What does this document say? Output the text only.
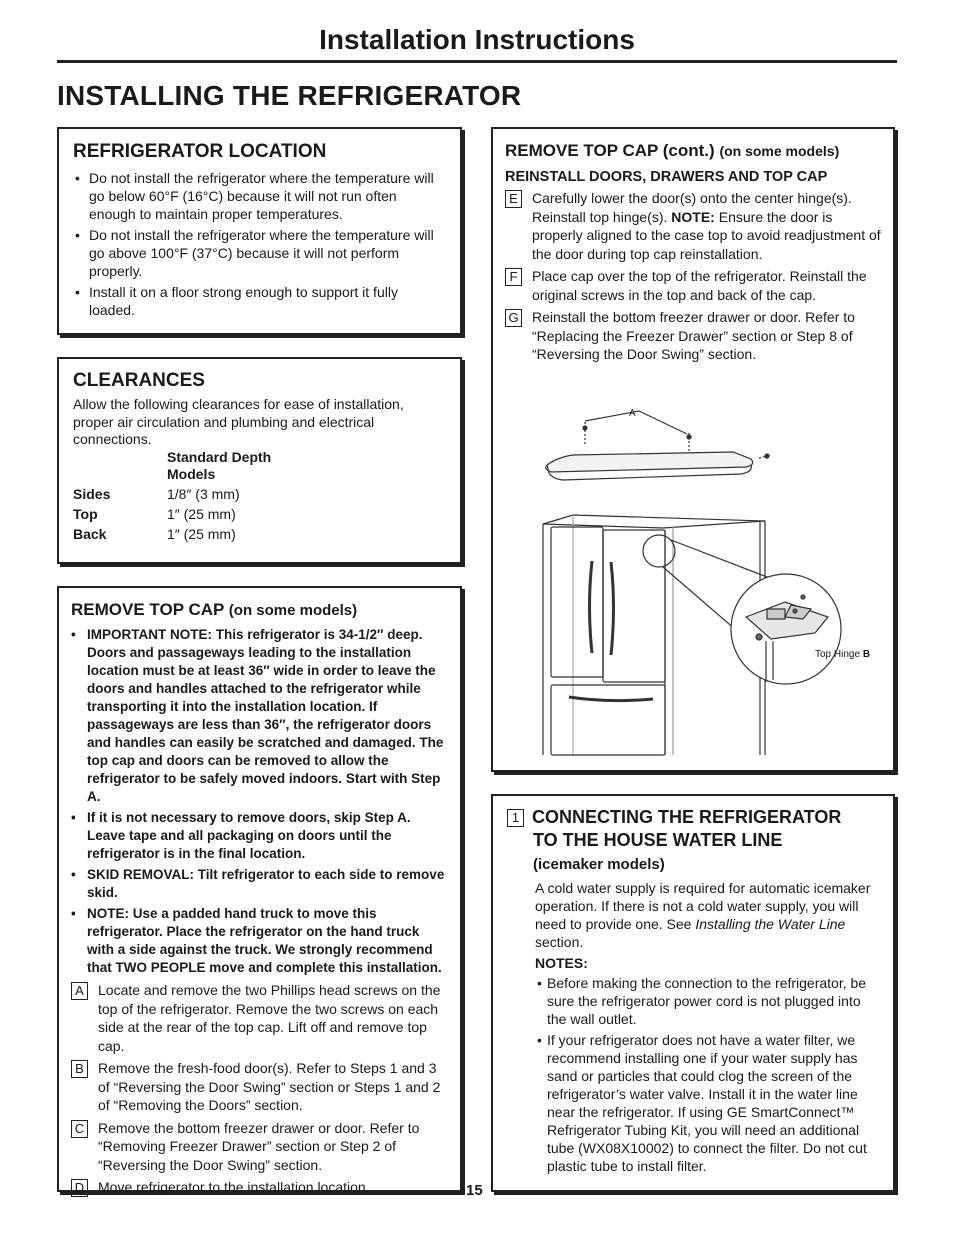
Installation Instructions
INSTALLING THE REFRIGERATOR
REFRIGERATOR LOCATION
• Do not install the refrigerator where the temperature will go below 60°F (16°C) because it will not run often enough to maintain proper temperatures.
• Do not install the refrigerator where the temperature will go above 100°F (37°C) because it will not perform properly.
• Install it on a floor strong enough to support it fully loaded.
CLEARANCES

Allow the following clearances for ease of installation, proper air circulation and plumbing and electrical connections.

Standard Depth Models
Sides	1/8″ (3 mm)
Top	1″ (25 mm)
Back	1″ (25 mm)
REMOVE TOP CAP (on some models)
• IMPORTANT NOTE: This refrigerator is 34-1/2″ deep. Doors and passageways leading to the installation location must be at least 36″ wide in order to leave the doors and handles attached to the refrigerator while transporting it into the installation location. If passageways are less than 36″, the refrigerator doors and handles can easily be scratched and damaged. The top cap and doors can be removed to allow the refrigerator to be safely moved indoors. Start with Step A.
• If it is not necessary to remove doors, skip Step A. Leave tape and all packaging on doors until the refrigerator is in the final location.
• SKID REMOVAL: Tilt refrigerator to each side to remove skid.
• NOTE: Use a padded hand truck to move this refrigerator. Place the refrigerator on the hand truck with a side against the truck. We strongly recommend that TWO PEOPLE move and complete this installation.
A Locate and remove the two Phillips head screws on the top of the refrigerator. Remove the two screws on each side at the rear of the top cap. Lift off and remove top cap.
B Remove the fresh-food door(s). Refer to Steps 1 and 3 of “Reversing the Door Swing” section or Steps 1 and 2 of “Removing the Doors” section.
C Remove the bottom freezer drawer or door. Refer to “Removing Freezer Drawer” section or Step 2 of “Reversing the Door Swing” section.
D Move refrigerator to the installation location.
REMOVE TOP CAP (cont.) (on some models)
REINSTALL DOORS, DRAWERS AND TOP CAP
E Carefully lower the door(s) onto the center hinge(s). Reinstall top hinge(s). NOTE: Ensure the door is properly aligned to the case top to avoid readjustment of the door during top cap reinstallation.
F	Place cap over the top of the refrigerator. Reinstall the original screws in the top and back of the cap.
G Reinstall the bottom freezer drawer or door. Refer to “Replacing the Freezer Drawer” section or Step 8 of “Reversing the Door Swing” section.
A
Top Hinge B
1 CONNECTING THE REFRIGERATOR
TO THE HOUSE WATER LINE
(icemaker models)

A cold water supply is required for automatic icemaker operation. If there is not a cold water supply, you will need to provide one. See Installing the Water Line section.

NOTES:
• Before making the connection to the refrigerator, be sure the refrigerator power cord is not plugged into the wall outlet.
• If your refrigerator does not have a water filter, we recommend installing one if your water supply has sand or particles that could clog the screen of the refrigerator’s water valve. Install it in the water line near the refrigerator. If using GE SmartConnect™ Refrigerator Tubing Kit, you will need an additional tube (WX08X10002) to connect the filter. Do not cut plastic tube to install filter.
15
